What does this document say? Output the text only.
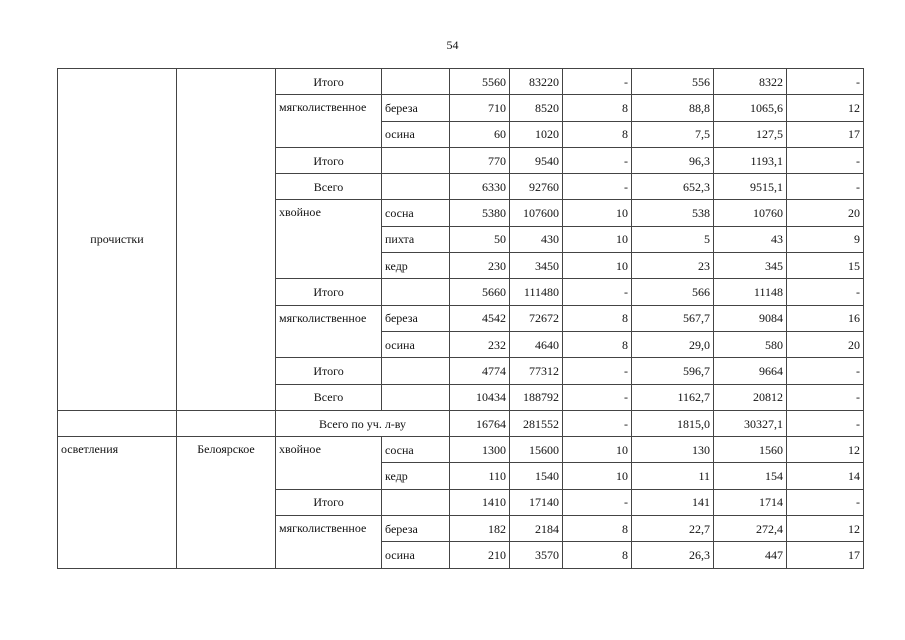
54
прочистки		Итого		5560	83220	-	556	8322	-
		мягколиственное	береза	710	8520	8	88,8	1065,6	12
			осина	60	1020	8	7,5	127,5	17
		Итого		770	9540	-	96,3	1193,1	-
		Всего		6330	92760	-	652,3	9515,1	-
		хвойное	сосна	5380	107600	10	538	10760	20
			пихта	50	430	10	5	43	9
			кедр	230	3450	10	23	345	15
		Итого		5660	111480	-	566	11148	-
		мягколиственное	береза	4542	72672	8	567,7	9084	16
			осина	232	4640	8	29,0	580	20
		Итого		4774	77312	-	596,7	9664	-
		Всего		10434	188792	-	1162,7	20812	-
		Всего по уч. л-ву		16764	281552	-	1815,0	30327,1	-
осветления	Белоярское	хвойное	сосна	1300	15600	10	130	1560	12
			кедр	110	1540	10	11	154	14
		Итого		1410	17140	-	141	1714	-
		мягколиственное	береза	182	2184	8	22,7	272,4	12
			осина	210	3570	8	26,3	447	17
